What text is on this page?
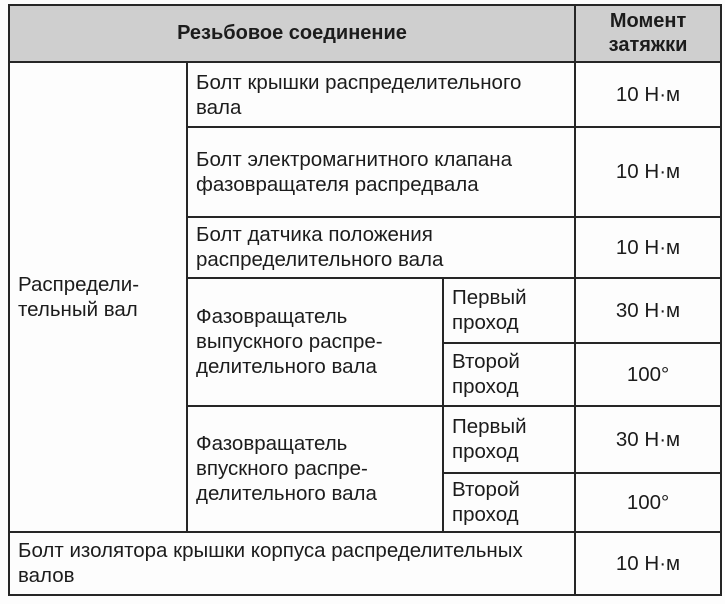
Резьбовое соединение			Момент затяжки
Распредели-тельный вал	Болт крышки распределительного вала		10 Н·м
	Болт электромагнитного клапана фазовращателя распредвала		10 Н·м
	Болт датчика положения распределительного вала		10 Н·м
	Фазовращатель выпускного распре-делительного вала	Первый проход	30 Н·м
		Второй проход	100°
	Фазовращатель впускного распре-делительного вала	Первый проход	30 Н·м
		Второй проход	100°
Болт изолятора крышки корпуса распределительных валов			10 Н·м
